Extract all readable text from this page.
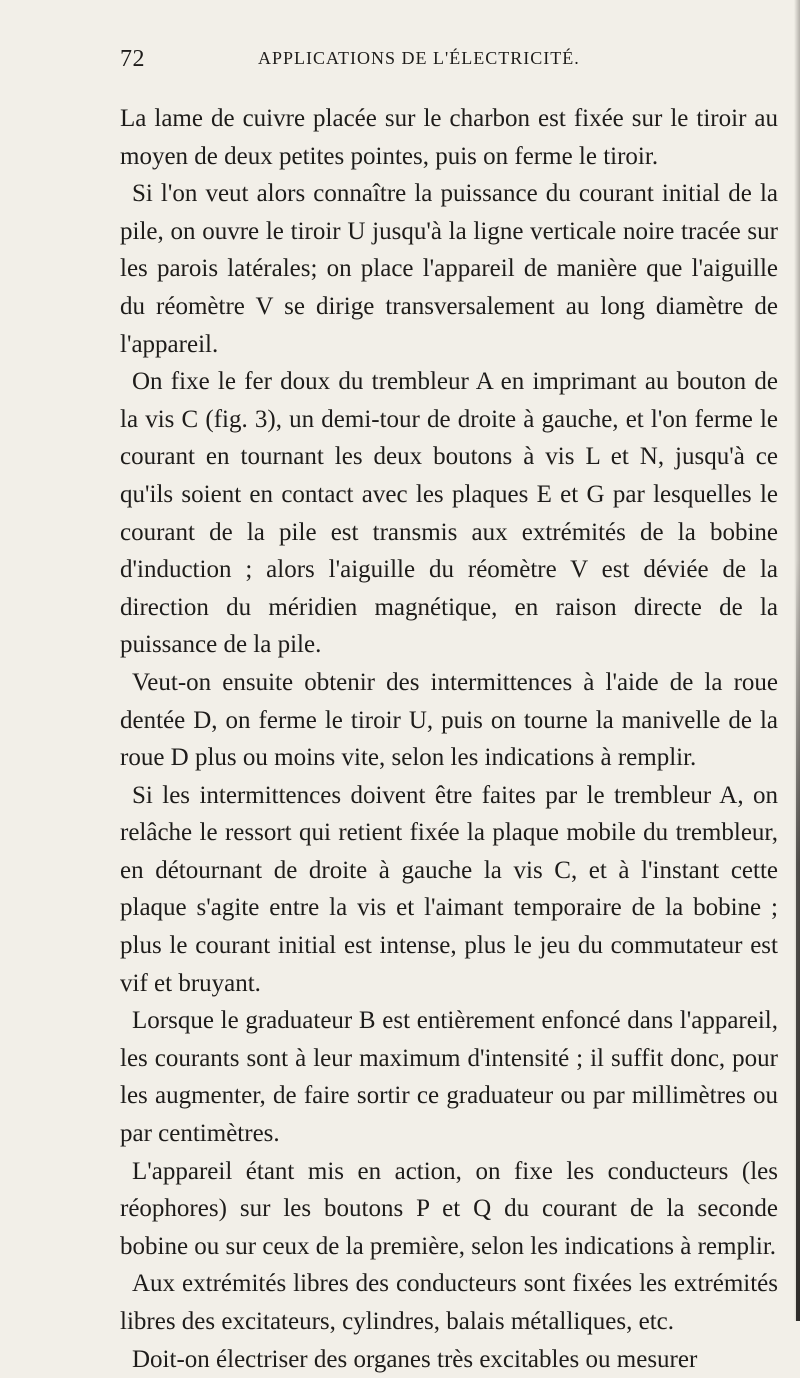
72	APPLICATIONS DE L'ÉLECTRICITÉ.

La lame de cuivre placée sur le charbon est fixée sur le tiroir au moyen de deux petites pointes, puis on ferme le tiroir.

Si l'on veut alors connaître la puissance du courant initial de la pile, on ouvre le tiroir U jusqu'à la ligne verticale noire tracée sur les parois latérales; on place l'appareil de manière que l'aiguille du réomètre V se dirige transversalement au long diamètre de l'appareil.

On fixe le fer doux du trembleur A en imprimant au bouton de la vis C (fig. 3), un demi-tour de droite à gauche, et l'on ferme le courant en tournant les deux boutons à vis L et N, jusqu'à ce qu'ils soient en contact avec les plaques E et G par lesquelles le courant de la pile est transmis aux extrémités de la bobine d'induction ; alors l'aiguille du réomètre V est déviée de la direction du méridien magnétique, en raison directe de la puissance de la pile.

Veut-on ensuite obtenir des intermittences à l'aide de la roue dentée D, on ferme le tiroir U, puis on tourne la manivelle de la roue D plus ou moins vite, selon les indications à remplir.

Si les intermittences doivent être faites par le trembleur A, on relâche le ressort qui retient fixée la plaque mobile du trembleur, en détournant de droite à gauche la vis C, et à l'instant cette plaque s'agite entre la vis et l'aimant temporaire de la bobine ; plus le courant initial est intense, plus le jeu du commutateur est vif et bruyant.

Lorsque le graduateur B est entièrement enfoncé dans l'appareil, les courants sont à leur maximum d'intensité ; il suffit donc, pour les augmenter, de faire sortir ce graduateur ou par millimètres ou par centimètres.

L'appareil étant mis en action, on fixe les conducteurs (les réophores) sur les boutons P et Q du courant de la seconde bobine ou sur ceux de la première, selon les indications à remplir.

Aux extrémités libres des conducteurs sont fixées les extrémités libres des excitateurs, cylindres, balais métalliques, etc.

Doit-on électriser des organes très excitables ou mesurer
